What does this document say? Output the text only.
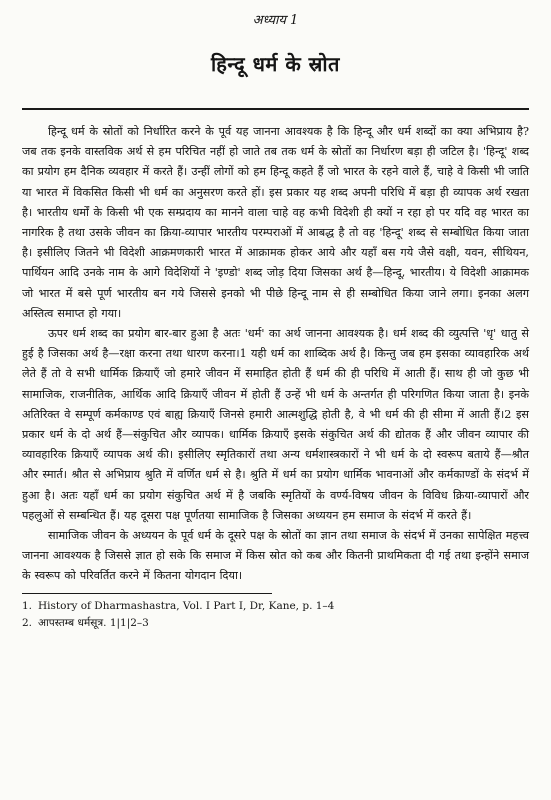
अध्याय 1
हिन्दू धर्म के स्रोत

हिन्दू धर्म के स्रोतों को निर्धारित करने के पूर्व यह जानना आवश्यक है कि हिन्दू और धर्म शब्दों का क्या अभिप्राय है? जब तक इनके वास्तविक अर्थ से हम परिचित नहीं हो जाते तब तक धर्म के स्रोतों का निर्धारण बड़ा ही जटिल है। 'हिन्दू' शब्द का प्रयोग हम दैनिक व्यवहार में करते हैं। उन्हीं लोगों को हम हिन्दू कहते हैं जो भारत के रहने वाले हैं, चाहे वे किसी भी जाति या भारत में विकसित किसी भी धर्म का अनुसरण करते हों। इस प्रकार यह शब्द अपनी परिधि में बड़ा ही व्यापक अर्थ रखता है। भारतीय धर्मों के किसी भी एक सम्प्रदाय का मानने वाला चाहे वह कभी विदेशी ही क्यों न रहा हो पर यदि वह भारत का नागरिक है तथा उसके जीवन का क्रिया-व्यापार भारतीय परम्पराओं में आबद्ध है तो वह 'हिन्दू' शब्द से सम्बोधित किया जाता है। इसीलिए जितने भी विदेशी आक्रमणकारी भारत में आक्रामक होकर आये और यहाँ बस गये जैसे वक्षी, यवन, सीथियन, पार्थियन आदि उनके नाम के आगे विदेशियों ने 'इण्डो' शब्द जोड़ दिया जिसका अर्थ है—हिन्दू, भारतीय। ये विदेशी आक्रामक जो भारत में बसे पूर्ण भारतीय बन गये जिससे इनको भी पीछे हिन्दू नाम से ही सम्बोधित किया जाने लगा। इनका अलग अस्तित्व समाप्त हो गया।

ऊपर धर्म शब्द का प्रयोग बार-बार हुआ है अतः 'धर्म' का अर्थ जानना आवश्यक है। धर्म शब्द की व्युत्पत्ति 'धृ' धातु से हुई है जिसका अर्थ है—रक्षा करना तथा धारण करना।1 यही धर्म का शाब्दिक अर्थ है। किन्तु जब हम इसका व्यावहारिक अर्थ लेते हैं तो वे सभी धार्मिक क्रियाएँ जो हमारे जीवन में समाहित होती हैं धर्म की ही परिधि में आती हैं। साथ ही जो कुछ भी सामाजिक, राजनीतिक, आर्थिक आदि क्रियाएँ जीवन में होती हैं उन्हें भी धर्म के अन्तर्गत ही परिगणित किया जाता है। इनके अतिरिक्त वे सम्पूर्ण कर्मकाण्ड एवं बाह्य क्रियाएँ जिनसे हमारी आत्मशुद्धि होती है, वे भी धर्म की ही सीमा में आती हैं।2 इस प्रकार धर्म के दो अर्थ हैं—संकुचित और व्यापक। धार्मिक क्रियाएँ इसके संकुचित अर्थ की द्योतक हैं और जीवन व्यापार की व्यावहारिक क्रियाएँ व्यापक अर्थ की। इसीलिए स्मृतिकारों तथा अन्य धर्मशास्त्रकारों ने भी धर्म के दो स्वरूप बताये हैं—श्रौत और स्मार्त। श्रौत से अभिप्राय श्रुति में वर्णित धर्म से है। श्रुति में धर्म का प्रयोग धार्मिक भावनाओं और कर्मकाण्डों के संदर्भ में हुआ है। अतः यहाँ धर्म का प्रयोग संकुचित अर्थ में है जबकि स्मृतियों के वर्ण्य-विषय जीवन के विविध क्रिया-व्यापारों और पहलुओं से सम्बन्धित हैं। यह दूसरा पक्ष पूर्णतया सामाजिक है जिसका अध्ययन हम समाज के संदर्भ में करते हैं।

सामाजिक जीवन के अध्ययन के पूर्व धर्म के दूसरे पक्ष के स्रोतों का ज्ञान तथा समाज के संदर्भ में उनका सापेक्षित महत्त्व जानना आवश्यक है जिससे ज्ञात हो सके कि समाज में किस स्रोत को कब और कितनी प्राथमिकता दी गई तथा इन्होंने समाज के स्वरूप को परिवर्तित करने में कितना योगदान दिया।

1. History of Dharmashastra, Vol. I Part I, Dr, Kane, p. 1–4

2. आपस्तम्ब धर्मसूत्र. 1|1|2–3
